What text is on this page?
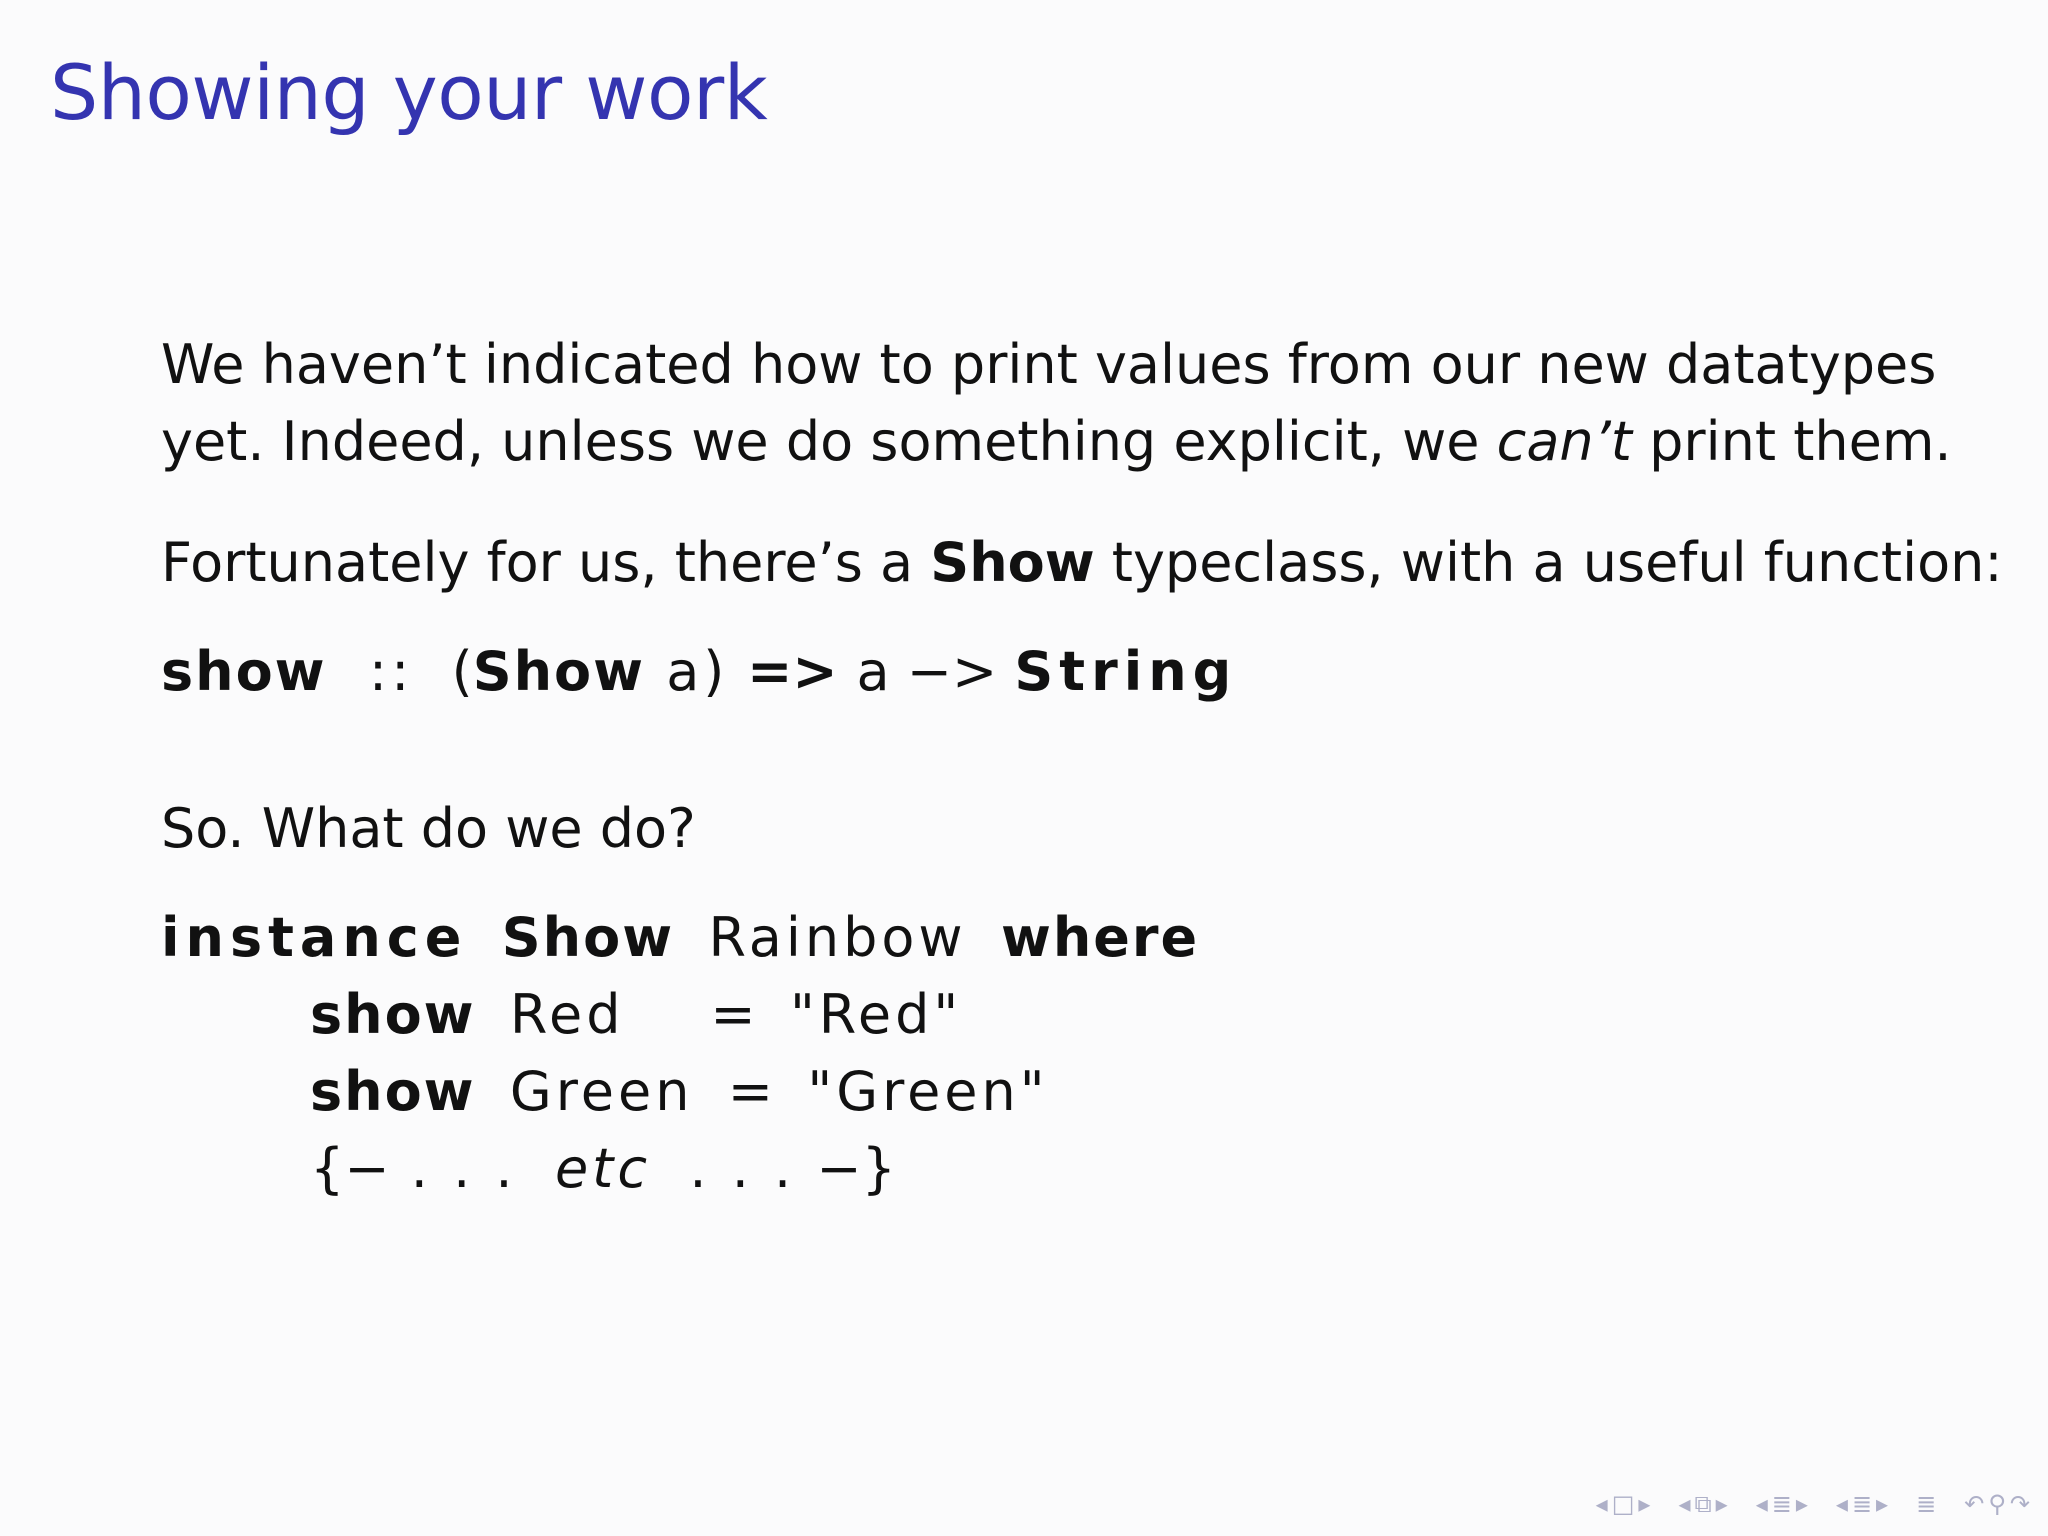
Showing your work

We haven’t indicated how to print values from our new datatypes
yet. Indeed, unless we do something explicit, we can’t print them.

Fortunately for us, there’s a Show typeclass, with a useful function:

show  ::  (Show a) => a −> String

So. What do we do?

instance Show Rainbow where
show Red = "Red"
show Green = "Green"
{− . . .  etc  . . . −}
◂ □ ▸ ◂ ⧉ ▸ ◂ ≣ ▸ ◂ ≣ ▸ ≣ ↶ ⚲ ↷
